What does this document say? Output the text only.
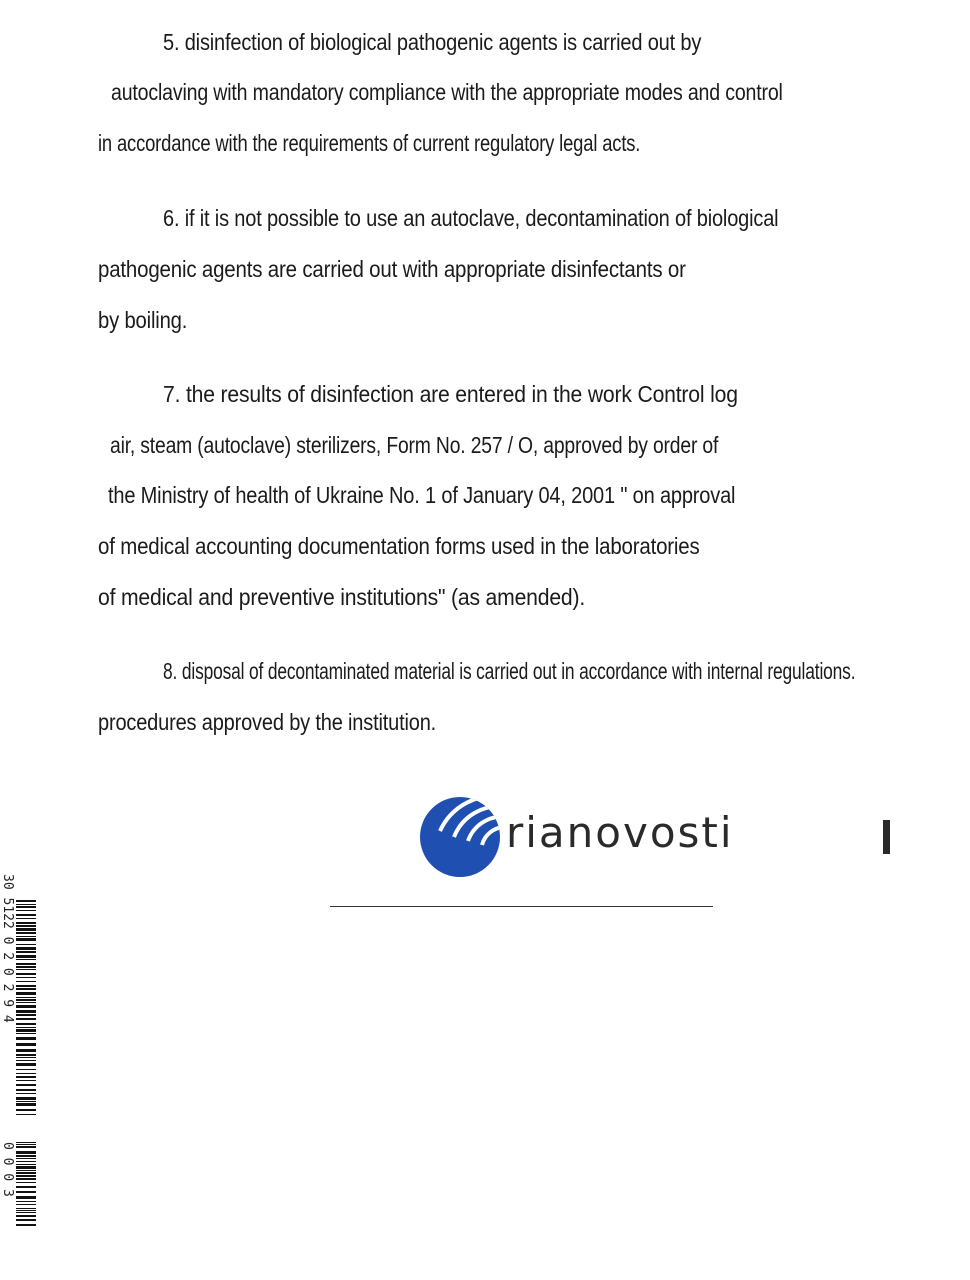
5. disinfection of biological pathogenic agents is carried out by
autoclaving with mandatory compliance with the appropriate modes and control
in accordance with the requirements of current regulatory legal acts.
6. if it is not possible to use an autoclave, decontamination of biological
pathogenic agents are carried out with appropriate disinfectants or
by boiling.
7. the results of disinfection are entered in the work Control log
air, steam (autoclave) sterilizers, Form No. 257 / O, approved by order of
the Ministry of health of Ukraine No. 1 of January 04, 2001 " on approval
of medical accounting documentation forms used in the laboratories
of medical and preventive institutions" (as amended).
8. disposal of decontaminated material is carried out in accordance with internal regulations.
procedures approved by the institution.
rianovosti
30 5122 0 2 0 2 9 4
0 0 0 3
